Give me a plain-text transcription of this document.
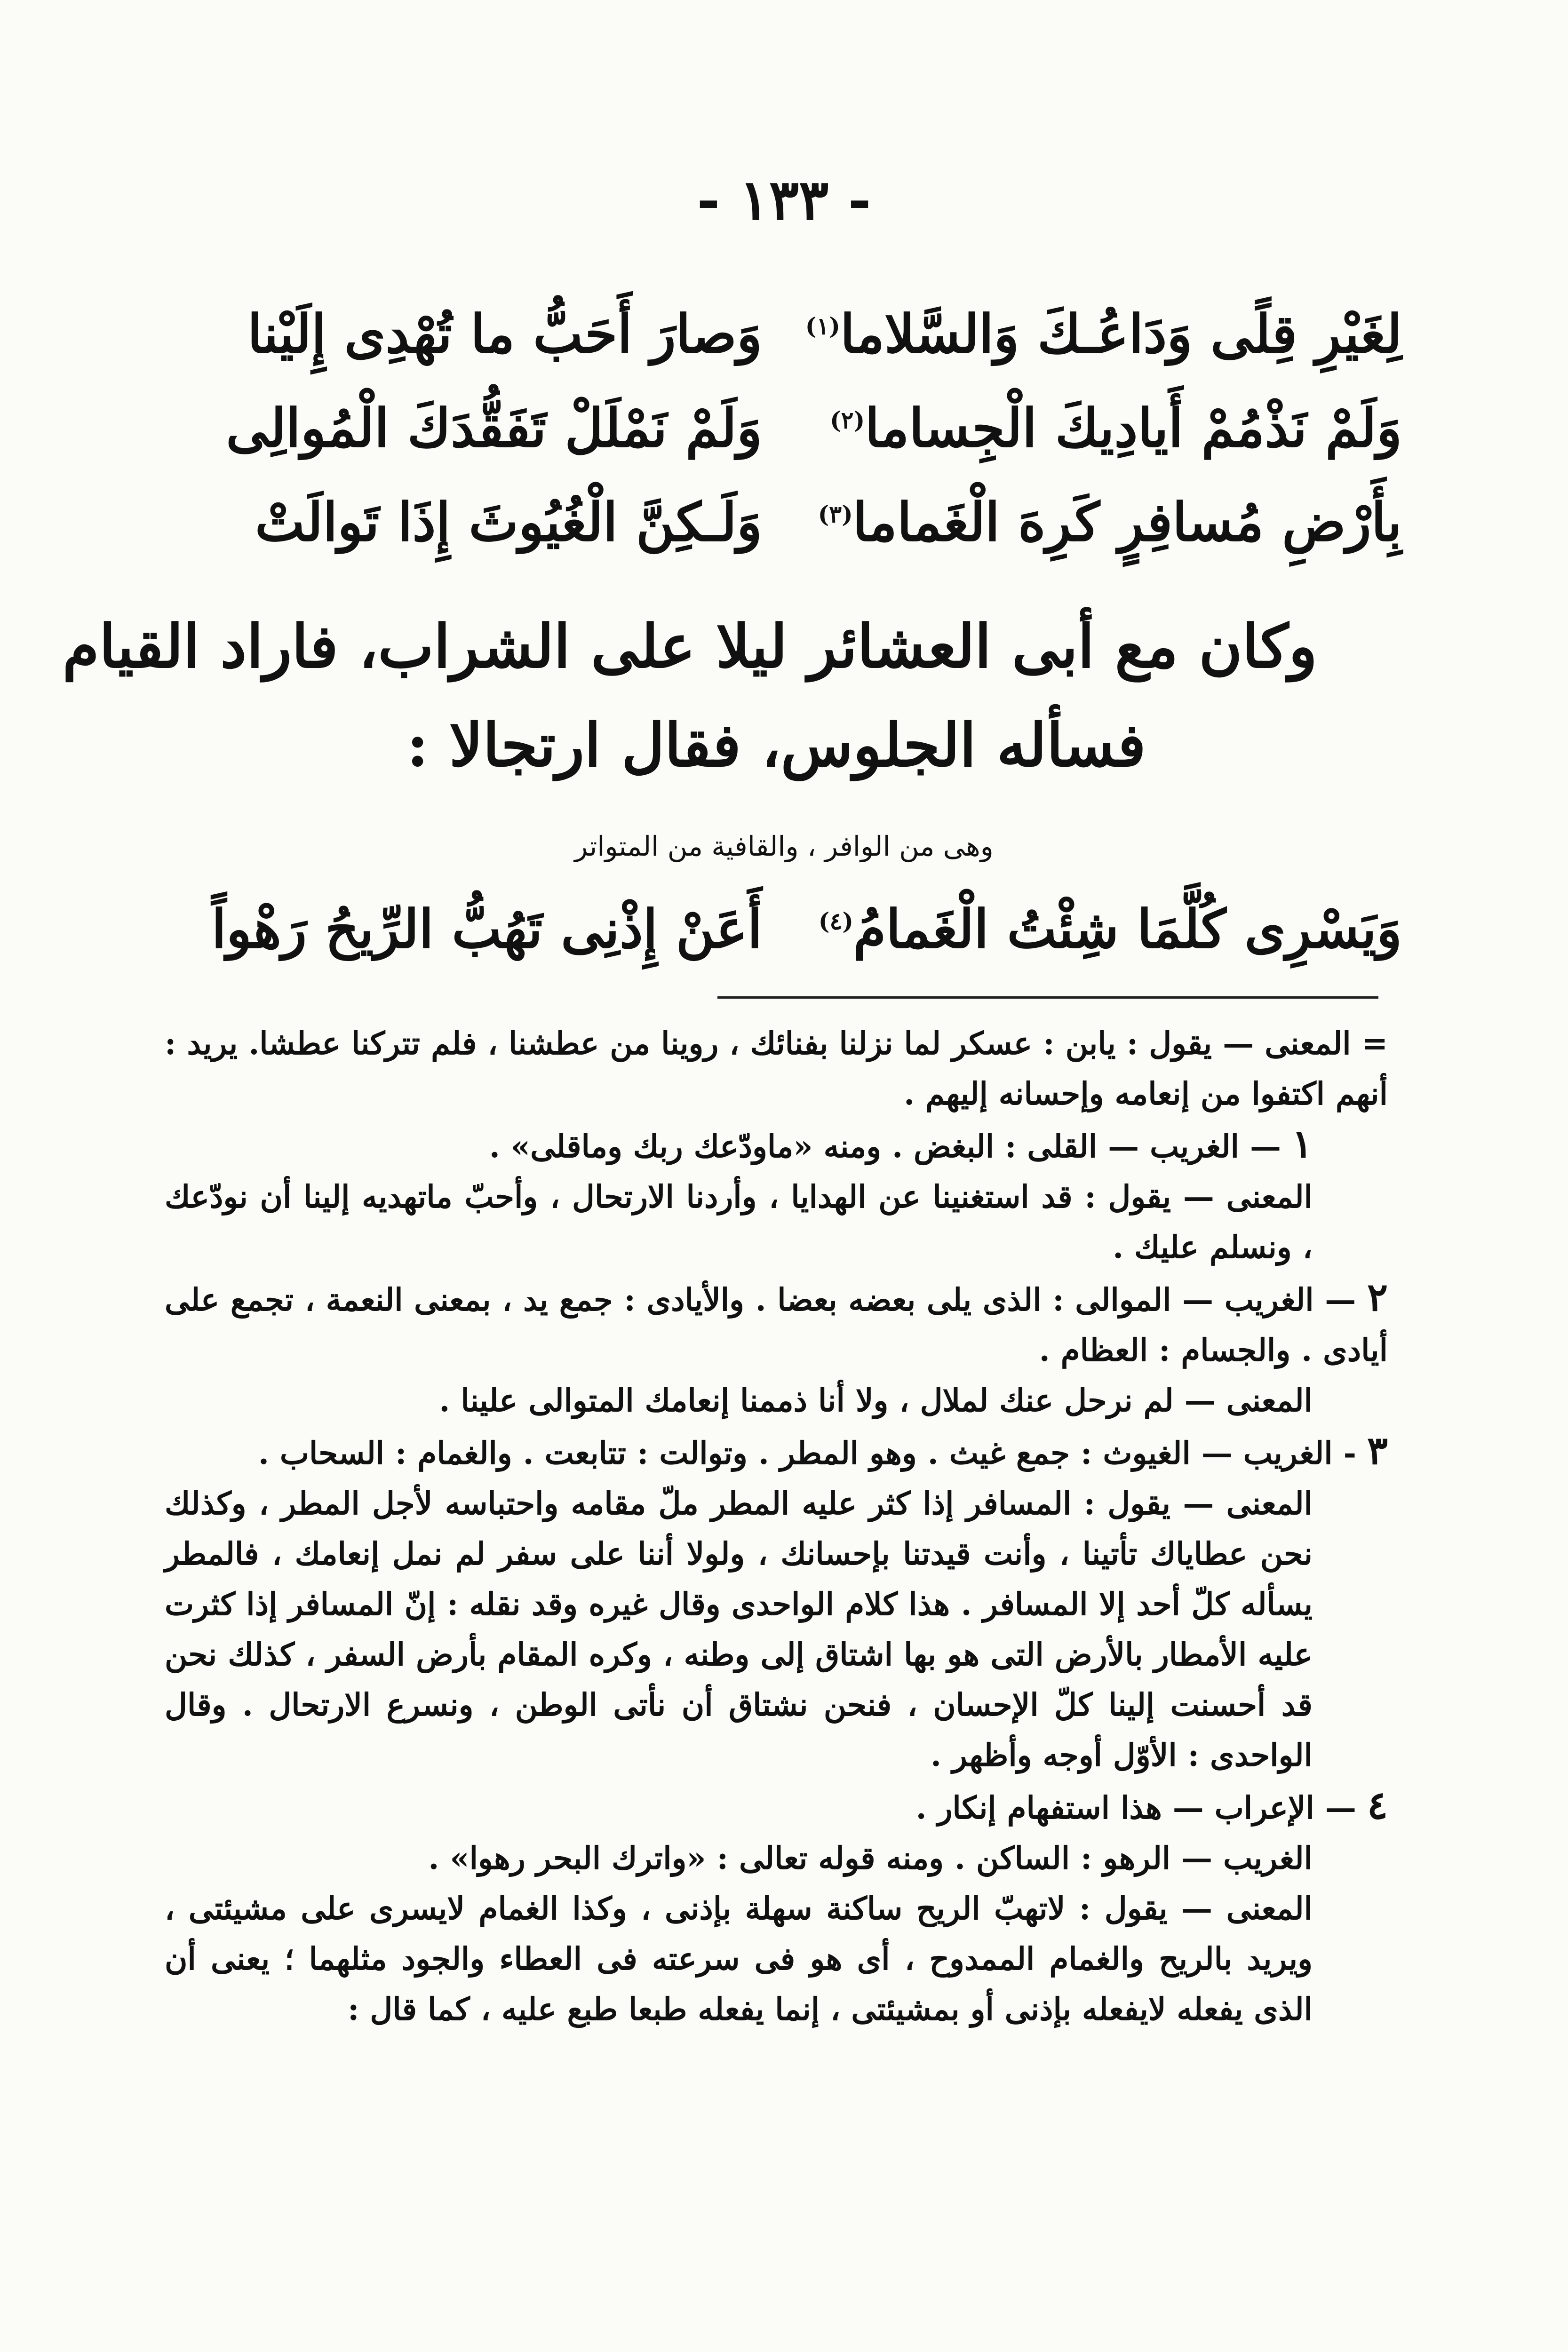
- ١٣٣ -
وَصارَ أَحَبُّ ما تُهْدِى إِلَيْنا لِغَيْرِ قِلًى وَدَاعُـكَ وَالسَّلاما$^{(١)}$
وَلَمْ نَمْلَلْ تَفَقُّدَكَ الْمُوالِى	وَلَمْ نَذْمُمْ أَيادِيكَ الْجِساما$^{(٢)}$
وَلَـكِنَّ الْغُيُوثَ إِذَا تَوالَتْ بِأَرْضِ مُسافِرٍ كَرِهَ الْغَماما$^{(٣)}$
وكان مع أبى العشائر ليلا على الشراب، فاراد القيام
فسأله الجلوس، فقال ارتجالا :
وهى من الوافر ، والقافية من المتواتر
أَعَنْ إِذْنِى تَهُبُّ الرِّيحُ رَهْواً	وَيَسْرِى كُلَّمَا شِئْتُ الْغَمامُ$^{(٤)}$

= المعنى — يقول : يابن : عسكر لما نزلنا بفنائك ، روينا من عطشنا ، فلم تتركنا عطشا. يريد : أنهم اكتفوا من إنعامه وإحسانه إليهم .

١ — الغريب — القلى : البغض . ومنه «ماودّعك ربك وماقلى» .

المعنى — يقول : قد استغنينا عن الهدايا ، وأردنا الارتحال ، وأحبّ ماتهديه إلينا أن نودّعك ، ونسلم عليك .

٢ — الغريب — الموالى : الذى يلى بعضه بعضا . والأيادى : جمع يد ، بمعنى النعمة ، تجمع على أيادى . والجسام : العظام .

المعنى — لم نرحل عنك لملال ، ولا أنا ذممنا إنعامك المتوالى علينا .

٣ - الغريب — الغيوث : جمع غيث . وهو المطر . وتوالت : تتابعت . والغمام : السحاب .

المعنى — يقول : المسافر إذا كثر عليه المطر ملّ مقامه واحتباسه لأجل المطر ، وكذلك نحن عطاياك تأتينا ، وأنت قيدتنا بإحسانك ، ولولا أننا على سفر لم نمل إنعامك ، فالمطر يسأله كلّ أحد إلا المسافر . هذا كلام الواحدى وقال غيره وقد نقله : إنّ المسافر إذا كثرت عليه الأمطار بالأرض التى هو بها اشتاق إلى وطنه ، وكره المقام بأرض السفر ، كذلك نحن قد أحسنت إلينا كلّ الإحسان ، فنحن نشتاق أن نأتى الوطن ، ونسرع الارتحال . وقال الواحدى : الأوّل أوجه وأظهر .

٤ — الإعراب — هذا استفهام إنكار .

الغريب — الرهو : الساكن . ومنه قوله تعالى : «واترك البحر رهوا» .

المعنى — يقول : لاتهبّ الريح ساكنة سهلة بإذنى ، وكذا الغمام لايسرى على مشيئتى ، ويريد بالريح والغمام الممدوح ، أى هو فى سرعته فى العطاء والجود مثلهما ؛ يعنى أن الذى يفعله لايفعله بإذنى أو بمشيئتى ، إنما يفعله طبعا طبع عليه ، كما قال :
